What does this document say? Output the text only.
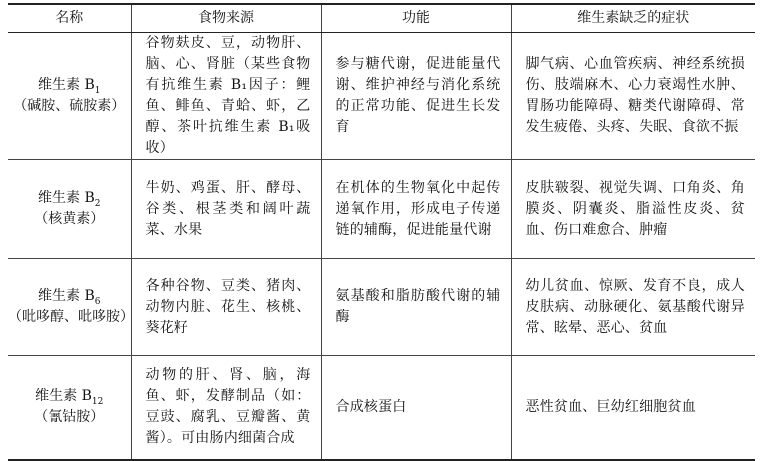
名称	食物来源	功能	维生素缺乏的症状

维生素 $B_1$
（碱胺、硫胺素）	谷物麸皮、豆，动物肝、脑、心、肾脏（某些食物有抗维生素 B₁因子：鲤鱼、鲱鱼、青蛤、虾，乙醇、茶叶抗维生素 B₁吸收）	参与糖代谢，促进能量代谢、维护神经与消化系统的正常功能、促进生长发育	脚气病、心血管疾病、神经系统损伤、肢端麻木、心力衰竭性水肿、胃肠功能障碍、糖类代谢障碍、常发生疲倦、头疼、失眠、食欲不振

维生素 $B_2$
（核黄素）	牛奶、鸡蛋、肝、酵母、谷类、根茎类和阔叶蔬菜、水果	在机体的生物氧化中起传递氧作用，形成电子传递链的辅酶，促进能量代谢	皮肤皲裂、视觉失调、口角炎、角膜炎、阴囊炎、脂溢性皮炎、贫血、伤口难愈合、肿瘤

维生素 $B_6$
（吡哆醇、吡哆胺）	各种谷物、豆类、猪肉、动物内脏、花生、核桃、葵花籽	氨基酸和脂肪酸代谢的辅酶	幼儿贫血、惊厥、发育不良，成人皮肤病、动脉硬化、氨基酸代谢异常、眩晕、恶心、贫血

维生素 $B_{12}$
（氰钴胺）	动物的肝、肾、脑，海鱼、虾，发酵制品（如：豆豉、腐乳、豆瓣酱、黄酱）。可由肠内细菌合成	合成核蛋白	恶性贫血、巨幼红细胞贫血
